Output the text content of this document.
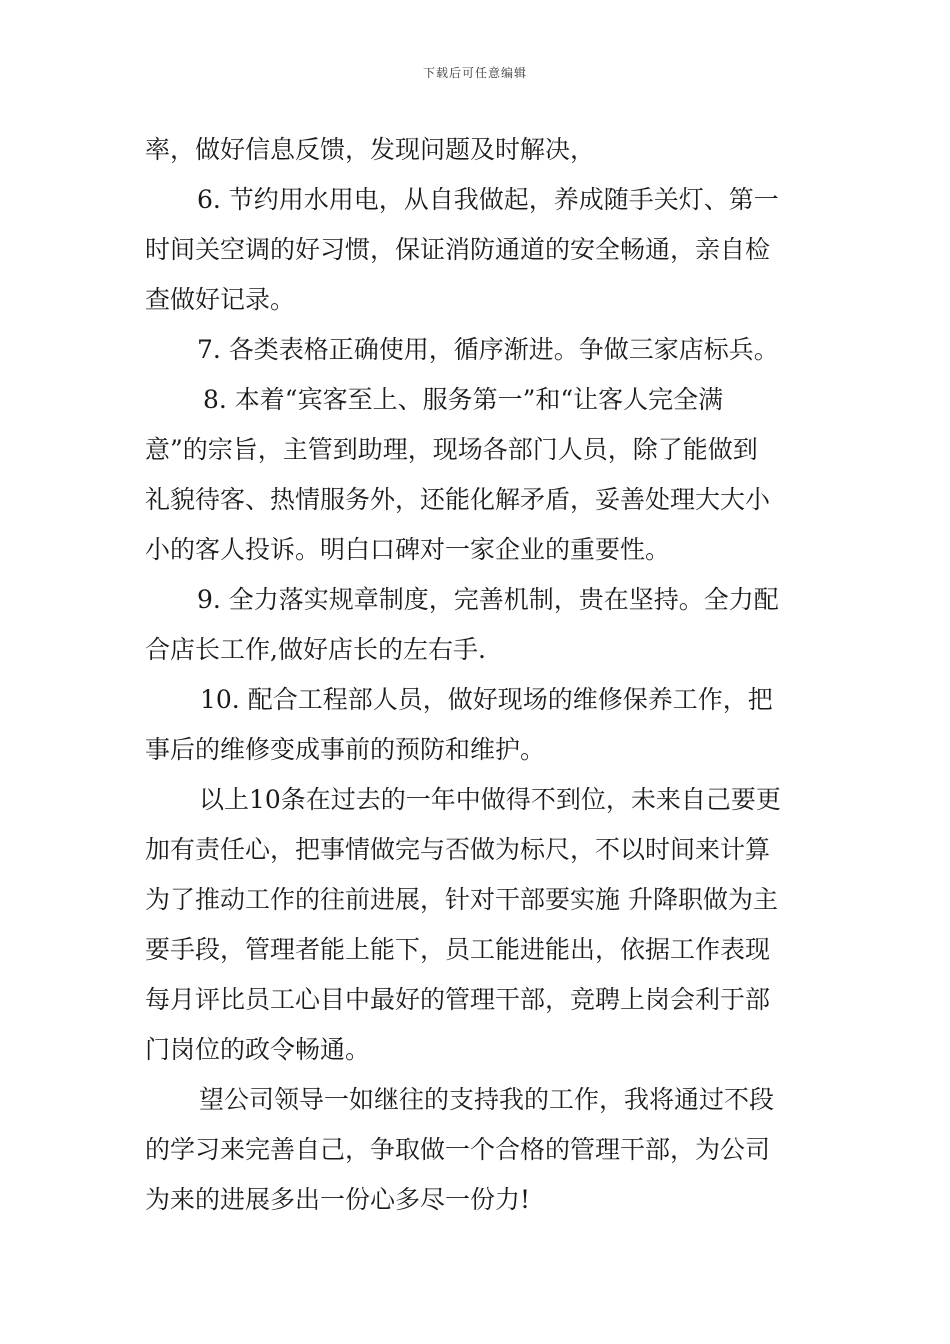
下载后可任意编辑
率，做好信息反馈，发现问题及时解决，
6. 节约用水用电，从自我做起，养成随手关灯、第一
时间关空调的好习惯，保证消防通道的安全畅通，亲自检
查做好记录。
7. 各类表格正确使用，循序渐进。争做三家店标兵。
8. 本着“宾客至上、服务第一”和“让客人完全满
意”的宗旨，主管到助理，现场各部门人员，除了能做到
礼貌待客、热情服务外，还能化解矛盾，妥善处理大大小
小的客人投诉。明白口碑对一家企业的重要性。
9. 全力落实规章制度，完善机制，贵在坚持。全力配
合店长工作,做好店长的左右手.
10. 配合工程部人员，做好现场的维修保养工作，把
事后的维修变成事前的预防和维护。
以上10条在过去的一年中做得不到位，未来自己要更
加有责任心，把事情做完与否做为标尺，不以时间来计算
为了推动工作的往前进展，针对干部要实施 升降职做为主
要手段，管理者能上能下，员工能进能出，依据工作表现
每月评比员工心目中最好的管理干部，竞聘上岗会利于部
门岗位的政令畅通。
望公司领导一如继往的支持我的工作，我将通过不段
的学习来完善自己，争取做一个合格的管理干部，为公司
为来的进展多出一份心多尽一份力!
